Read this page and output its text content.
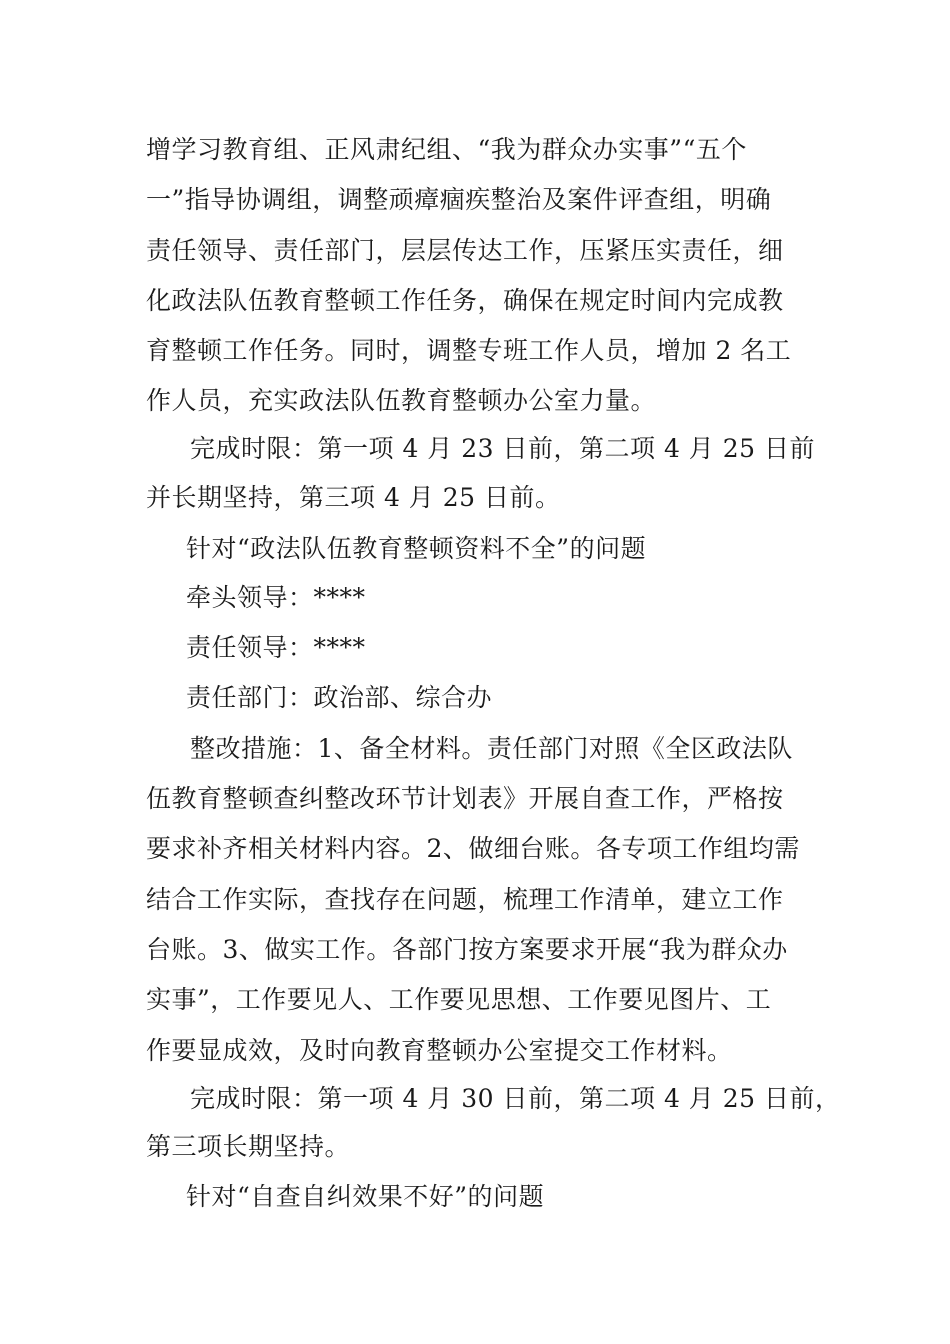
增学习教育组、正风肃纪组、“我为群众办实事”“五个

一”指导协调组，调整顽瘴痼疾整治及案件评查组，明确

责任领导、责任部门，层层传达工作，压紧压实责任，细

化政法队伍教育整顿工作任务，确保在规定时间内完成教

育整顿工作任务。同时，调整专班工作人员，增加 2 名工

作人员，充实政法队伍教育整顿办公室力量。

完成时限：第一项 4 月 23 日前，第二项 4 月 25 日前

并长期坚持，第三项 4 月 25 日前。

针对“政法队伍教育整顿资料不全”的问题

牵头领导：****

责任领导：****

责任部门：政治部、综合办

整改措施：1、备全材料。责任部门对照《全区政法队

伍教育整顿查纠整改环节计划表》开展自查工作，严格按

要求补齐相关材料内容。2、做细台账。各专项工作组均需

结合工作实际，查找存在问题，梳理工作清单，建立工作

台账。3、做实工作。各部门按方案要求开展“我为群众办

实事”，工作要见人、工作要见思想、工作要见图片、工

作要显成效，及时向教育整顿办公室提交工作材料。

完成时限：第一项 4 月 30 日前，第二项 4 月 25 日前，

第三项长期坚持。

针对“自查自纠效果不好”的问题
